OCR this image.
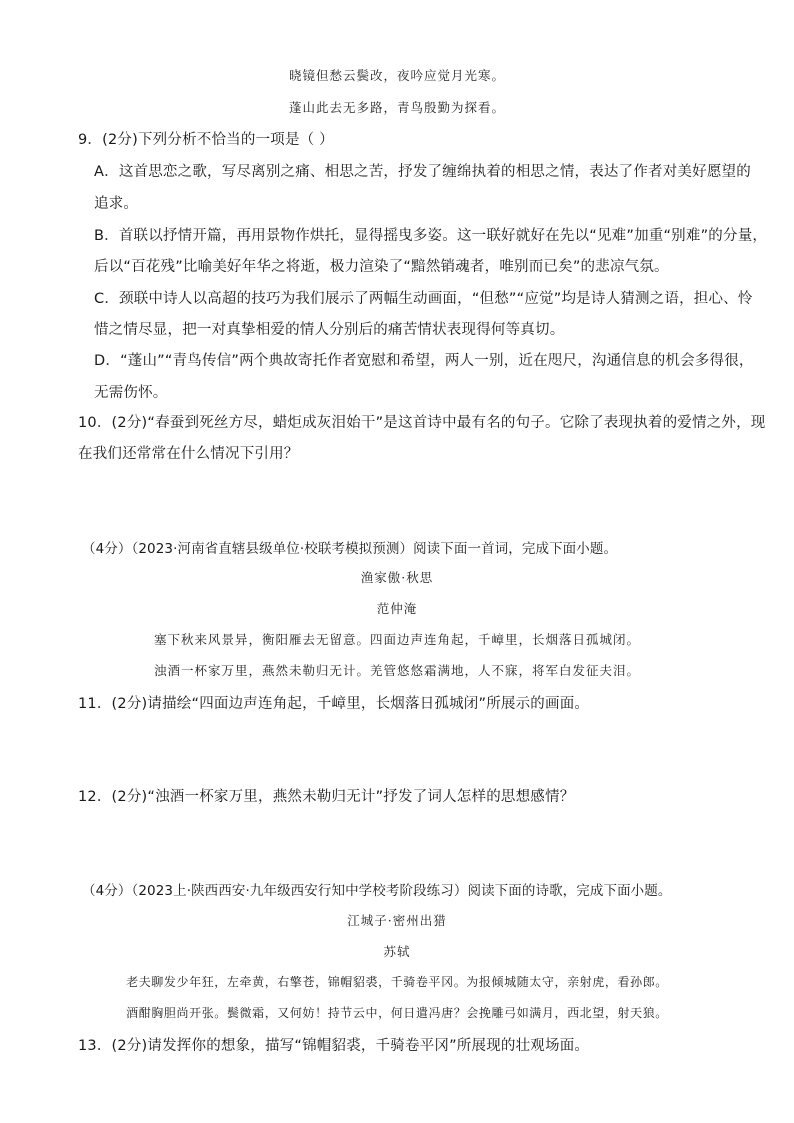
晓镜但愁云鬓改，夜吟应觉月光寒。
蓬山此去无多路，青鸟殷勤为探看。
9．(2分)下列分析不恰当的一项是（ ）
A．这首思恋之歌，写尽离别之痛、相思之苦，抒发了缠绵执着的相思之情，表达了作者对美好愿望的
追求。
B．首联以抒情开篇，再用景物作烘托，显得摇曳多姿。这一联好就好在先以“见难”加重“别难”的分量，
后以“百花残”比喻美好年华之将逝，极力渲染了“黯然销魂者，唯别而已矣”的悲凉气氛。
C．颈联中诗人以高超的技巧为我们展示了两幅生动画面，“但愁”“应觉”均是诗人猜测之语，担心、怜
惜之情尽显，把一对真挚相爱的情人分别后的痛苦情状表现得何等真切。
D．“蓬山”“青鸟传信”两个典故寄托作者宽慰和希望，两人一别，近在咫尺，沟通信息的机会多得很，
无需伤怀。
10．(2分)“春蚕到死丝方尽，蜡炬成灰泪始干”是这首诗中最有名的句子。它除了表现执着的爱情之外，现
在我们还常常在什么情况下引用？
（4分）（2023·河南省直辖县级单位·校联考模拟预测）阅读下面一首词，完成下面小题。
渔家傲·秋思
范仲淹
塞下秋来风景异，衡阳雁去无留意。四面边声连角起，千嶂里，长烟落日孤城闭。
浊酒一杯家万里，燕然未勒归无计。羌管悠悠霜满地，人不寐，将军白发征夫泪。
11．(2分)请描绘“四面边声连角起，千嶂里，长烟落日孤城闭”所展示的画面。
12．(2分)“浊酒一杯家万里，燕然未勒归无计”抒发了词人怎样的思想感情？
（4分）（2023上·陕西西安·九年级西安行知中学校考阶段练习）阅读下面的诗歌，完成下面小题。
江城子·密州出猎
苏轼
老夫聊发少年狂，左牵黄，右擎苍，锦帽貂裘，千骑卷平冈。为报倾城随太守，亲射虎，看孙郎。
酒酣胸胆尚开张。鬓微霜，又何妨！持节云中，何日遣冯唐？会挽雕弓如满月，西北望，射天狼。
13．(2分)请发挥你的想象，描写“锦帽貂裘，千骑卷平冈”所展现的壮观场面。
